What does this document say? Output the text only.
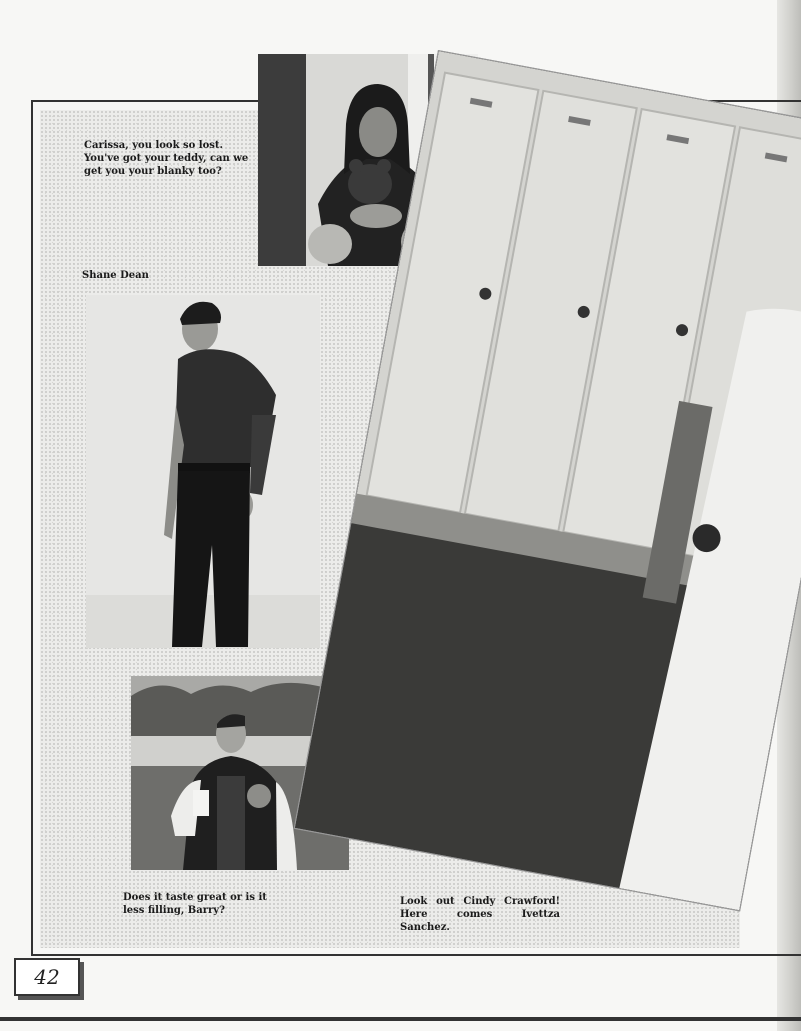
Carissa, you look so lost. You've got your teddy, can we get you your blanky too?

Shane Dean

Does it taste great or is it less filling, Barry?

Look out Cindy Crawford! Here comes Ivettza Sanchez.

42
